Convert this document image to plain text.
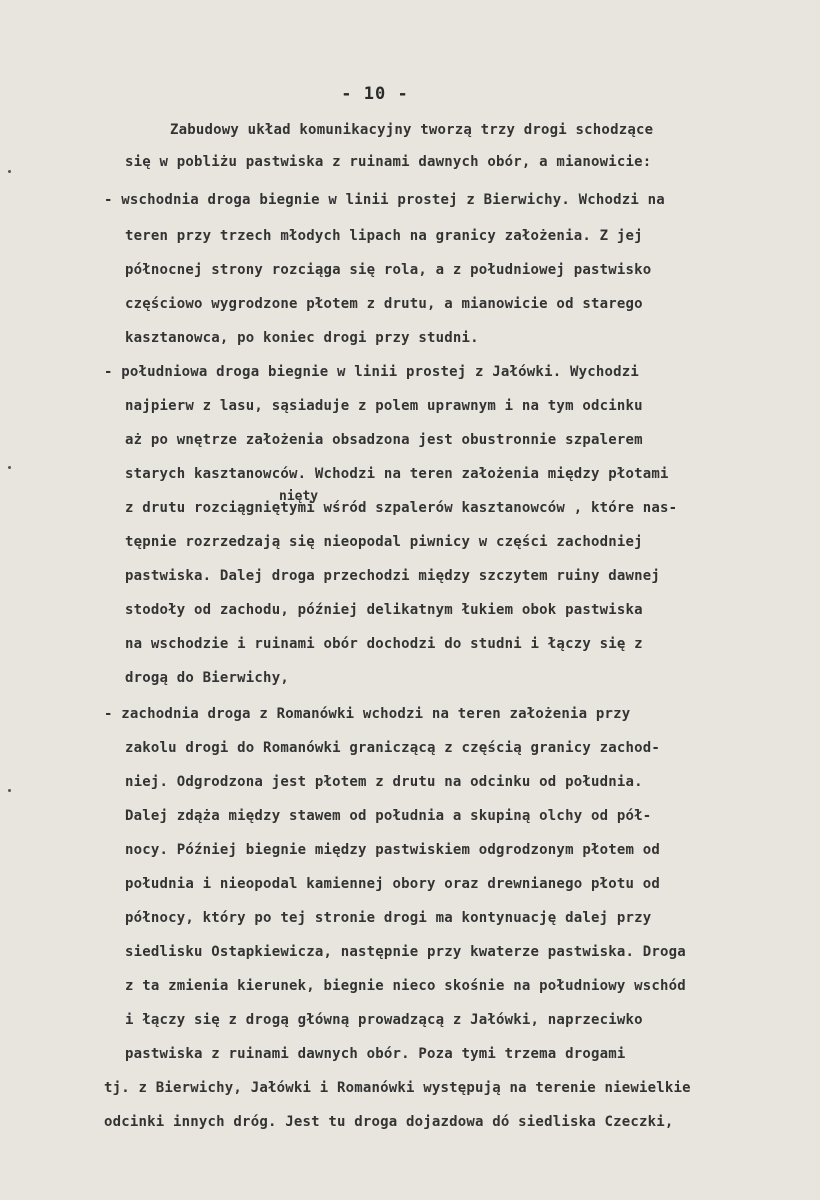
- 10 -
nięty
Zabudowy układ komunikacyjny tworzą trzy drogi schodzące
się w pobliżu pastwiska z ruinami dawnych obór, a mianowicie:
- wschodnia droga biegnie w linii prostej z Bierwichy. Wchodzi na
teren przy trzech młodych lipach na granicy założenia. Z jej
północnej strony rozciąga się rola, a z południowej pastwisko
częściowo wygrodzone płotem z drutu, a mianowicie od starego
kasztanowca, po koniec drogi przy studni.
- południowa droga biegnie w linii prostej z Jałówki. Wychodzi
najpierw z lasu, sąsiaduje z polem uprawnym i na tym odcinku
aż po wnętrze założenia obsadzona jest obustronnie szpalerem
starych kasztanowców. Wchodzi na teren założenia między płotami
z drutu rozciągniętymi wśród szpalerów kasztanowców , które nas-
tępnie rozrzedzają się nieopodal piwnicy w części zachodniej
pastwiska. Dalej droga przechodzi między szczytem ruiny dawnej
stodoły od zachodu, później delikatnym łukiem obok pastwiska
na wschodzie i ruinami obór dochodzi do studni i łączy się z
drogą do Bierwichy,
- zachodnia droga z Romanówki wchodzi na teren założenia przy
zakolu drogi do Romanówki graniczącą z częścią granicy zachod-
niej. Odgrodzona jest płotem z drutu na odcinku od południa.
Dalej zdąża między stawem od południa a skupiną olchy od pół-
nocy. Później biegnie między pastwiskiem odgrodzonym płotem od
południa i nieopodal kamiennej obory oraz drewnianego płotu od
północy, który po tej stronie drogi ma kontynuację dalej przy
siedlisku Ostapkiewicza, następnie przy kwaterze pastwiska. Droga
z ta zmienia kierunek, biegnie nieco skośnie na południowy wschód
i łączy się z drogą główną prowadzącą z Jałówki, naprzeciwko
pastwiska z ruinami dawnych obór. Poza tymi trzema drogami
tj. z Bierwichy, Jałówki i Romanówki występują na terenie niewielkie
odcinki innych dróg. Jest tu droga dojazdowa dó siedliska Czeczki,
